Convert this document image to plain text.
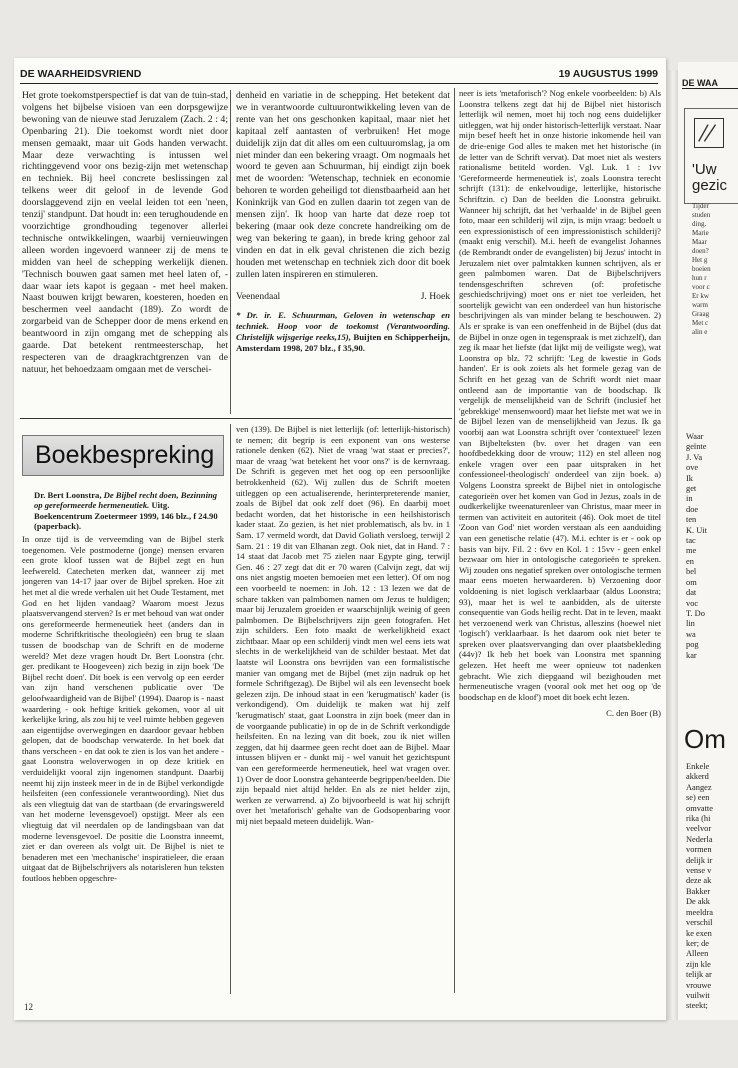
DE WAARHEIDSVRIEND	19 AUGUSTUS 1999

Het grote toekomstperspectief is dat van de tuin-stad, volgens het bijbelse visioen van een dorpsgewijze bewoning van de nieuwe stad Jeruzalem (Zach. 2 : 4; Openbaring 21). Die toekomst wordt niet door mensen gemaakt, maar uit Gods handen verwacht. Maar deze verwachting is intussen wel richtinggevend voor ons bezig-zijn met wetenschap en techniek. Bij heel concrete beslissingen zal telkens weer dit geloof in de levende God doorslaggevend zijn en veelal leiden tot een 'neen, tenzij' standpunt. Dat houdt in: een terughoudende en voorzichtige grondhouding tegenover allerlei technische ontwikkelingen, waarbij vernieuwingen alleen worden ingevoerd wanneer zij de mens te midden van heel de schepping werkelijk dienen. 'Technisch bouwen gaat samen met heel laten of, - daar waar iets kapot is gegaan - met heel maken. Naast bouwen krijgt bewaren, koesteren, hoeden en beschermen veel aandacht (189). Zo wordt de zorgarbeid van de Schepper door de mens erkend en beantwoord in zijn omgang met de schepping als gaarde. Dat betekent rentmeesterschap, het respecteren van de draagkrachtgrenzen van de natuur, het behoedzaam omgaan met de verschei-

denheid en variatie in de schepping. Het betekent dat we in verantwoorde cultuurontwikkeling leven van de rente van het ons geschonken kapitaal, maar niet het kapitaal zelf aantasten of verbruiken! Het moge duidelijk zijn dat dit alles om een cultuuromslag, ja om niet minder dan een bekering vraagt. Om nogmaals het woord te geven aan Schuurman, hij eindigt zijn boek met de woorden: 'Wetenschap, techniek en economie behoren te worden geheiligd tot dienstbaarheid aan het Koninkrijk van God en zullen daarin tot zegen van de mensen zijn'. Ik hoop van harte dat deze roep tot bekering (maar ook deze concrete handreiking om de weg van bekering te gaan), in brede kring gehoor zal vinden en dat in elk geval christenen die zich bezig houden met wetenschap en techniek zich door dit boek zullen laten inspireren en stimuleren.

Veenendaal	J. Hoek

* Dr. ir. E. Schuurman, Geloven in wetenschap en techniek. Hoop voor de toekomst (Verantwoording. Christelijk wijsgerige reeks,15), Buijten en Schipperheijn, Amsterdam 1998, 207 blz., f 35,90.

Boekbespreking
Dr. Bert Loonstra, De Bijbel recht doen, Bezinning op gereformeerde hermeneutiek. Uitg. Boekencentrum Zoetermeer 1999, 146 blz., f 24.90 (paperback).

In onze tijd is de verveemding van de Bijbel sterk toegenomen. Vele postmoderne (jonge) mensen ervaren een grote kloof tussen wat de Bijbel zegt en hun leefwereld. Catecheten merken dat, wanneer zij met jongeren van 14-17 jaar over de Bijbel spreken. Hoe zit het met al die wrede verhalen uit het Oude Testament, met God en het lijden vandaag? Waarom moest Jezus plaatsvervangend sterven? Is er met behoud van wat onder ons gereformeerde hermeneutiek heet (anders dan in moderne Schriftkritische theologieën) een brug te slaan tussen de boodschap van de Schrift en de moderne wereld? Met deze vragen houdt Dr. Bert Loonstra (chr. ger. predikant te Hoogeveen) zich bezig in zijn boek 'De Bijbel recht doen'. Dit boek is een vervolg op een eerder van zijn hand verschenen publicatie over 'De geloofwaardigheid van de Bijbel' (1994). Daarop is - naast waardering - ook heftige kritiek gekomen, voor al uit kerkelijke kring, als zou hij te veel ruimte hebben gegeven aan eigentijdse overwegingen en daardoor gevaar hebben gelopen, dat de boodschap verwaterde. In het boek dat thans verscheen - en dat ook te zien is los van het andere - gaat Loonstra weloverwogen in op deze kritiek en verduidelijkt vooral zijn ingenomen standpunt. Daarbij neemt hij zijn insteek meer in de in de Bijbel verkondigde heilsfeiten (een confessionele verantwoording). Niet dus als een vliegtuig dat van de startbaan (de ervaringswereld van het moderne levensgevoel) opstijgt. Meer als een vliegtuig dat vil neerdalen op de landingsbaan van dat moderne levensgevoel. De positie die Loonstra inneemt, ziet er dan overeen als volgt uit. De Bijbel is niet te benaderen met een 'mechanische' inspiratieleer, die eraan uitgaat dat de Bijbelschrijvers als notarisleren hun teksten foutloos hebben opgeschre-

ven (139). De Bijbel is niet letterlijk (of: letterlijk-historisch) te nemen; dit begrip is een exponent van ons westerse rationele denken (62). Niet de vraag 'wat staat er precies?', maar de vraag 'wat betekent het voor ons?' is de kernvraag. De Schrift is gegeven met het oog op een persoonlijke betrokkenheid (62). Wij zullen dus de Schrift moeten uitleggen op een actualiserende, herinterpreterende manier, zoals de Bijbel dat ook zelf doet (96). En daarbij moet bedacht worden, dat het historische in een heilshistorisch kader staat. Zo gezien, is het niet problematisch, als bv. in 1 Sam. 17 vermeld wordt, dat David Goliath versloeg, terwijl 2 Sam. 21 : 19 dit van Elhanan zegt. Ook niet, dat in Hand. 7 : 14 staat dat Jacob met 75 zielen naar Egypte ging, terwijl Gen. 46 : 27 zegt dat dit er 70 waren (Calvijn zegt, dat wij ons niet angstig moeten bemoeien met een letter). Of om nog een voorbeeld te noemen: in Joh. 12 : 13 lezen we dat de schare takken van palmbomen namen om Jezus te huldigen; maar bij Jeruzalem groeiden er waarschijnlijk weinig of geen palmbomen. De Bijbelschrijvers zijn geen fotografen. Het zijn schilders. Een foto maakt de werkelijkheid exact zichtbaar. Maar op een schilderij vindt men wel eens iets wat slechts in de werkelijkheid van de schilder bestaat. Met dat laatste wil Loonstra ons bevrijden van een formalistische manier van omgang met de Bijbel (met zijn nadruk op het formele Schriftgezag). De Bijbel wil als een levensecht boek gelezen zijn. De inhoud staat in een 'kerugmatisch' kader (is verkondigend). Om duidelijk te maken wat hij zelf 'kerugmatisch' staat, gaat Loonstra in zijn boek (meer dan in de voorgaande publicatie) in op de in de Schrift verkondigde heilsfeiten. En na lezing van dit boek, zou ik niet willen zeggen, dat hij daarmee geen recht doet aan de Bijbel. Maar intussen blijven er - dunkt mij - wel vanuit het gezichtspunt van een gereformeerde hermeneutiek, heel wat vragen over. 1) Over de door Loonstra gehanteerde begrippen/beelden. Die zijn bepaald niet altijd helder. En als ze niet helder zijn, werken ze verwarrend. a) Zo bijvoorbeeld is wat hij schrijft over het 'metaforisch' gehalte van de Godsopenbaring voor mij niet bepaald meteen duidelijk. Wan-

neer is iets 'metaforisch'? Nog enkele voorbeelden: b) Als Loonstra telkens zegt dat hij de Bijbel niet historisch letterlijk wil nemen, moet hij toch nog eens duidelijker uitleggen, wat hij onder historisch-letterlijk verstaat. Naar mijn besef heeft het in onze historie inkomende heil van de drie-enige God alles te maken met het historische (in de letter van de Schrift vervat). Dat moet niet als westers rationalisme betiteld worden. Vgl. Luk. 1 : 1vv 'Gereformeerde hermeneutiek is', zoals Loonstra terecht schrijft (131): de enkelvoudige, letterlijke, historische Schriftzin. c) Dan de beelden die Loonstra gebruikt. Wanneer hij schrijft, dat het 'verhaalde' in de Bijbel geen foto, maar een schilderij wil zijn, is mijn vraag: bedoelt u een expressionistisch of een impressionistisch schilderij? (maakt enig verschil). M.i. heeft de evangelist Johannes (de Rembrandt onder de evangelisten) bij Jezus' intocht in Jeruzalem niet over palmtakken kunnen schrijven, als er geen palmbomen waren. Dat de Bijbelschrijvers tendensgeschriften schreven (of: profetische geschiedschrijving) moet ons er niet toe verleiden, het soortelijk gewicht van een onderdeel van hun historische beschrijvingen als van minder belang te beschouwen. 2) Als er sprake is van een oneffenheid in de Bijbel (dus dat de Bijbel in onze ogen in tegenspraak is met zichzelf), dan zeg ik maar het liefste (dat lijkt mij de veiligste weg), wat Loonstra op blz. 72 schrijft: 'Leg de kwestie in Gods handen'. Er is ook zoiets als het formele gezag van de Schrift en het gezag van de Schrift wordt niet maar ontleend aan de importantie van de boodschap. Ik vergelijk de menselijkheid van de Schrift (inclusief het 'gebrekkige' mensenwoord) maar het liefste met wat we in de Bijbel lezen van de menselijkheid van Jezus. Ik ga voorbij aan wat Loonstra schrijft over 'contextueel' lezen van Bijbelteksten (bv. over het dragen van een hoofdbedekking door de vrouw; 112) en stel alleen nog enkele vragen over een paar uitspraken in het confessioneel-theologisch' onderdeel van zijn boek. a) Volgens Loonstra spreekt de Bijbel niet in ontologische categorieën over het komen van God in Jezus, zoals in de oudkerkelijke tweenaturenleer van Christus, maar meer in termen van activiteit en autoriteit (46). Ook moet de titel 'Zoon van God' niet worden verstaan als een aanduiding van een genetische relatie (47). M.i. echter is er - ook op basis van bijv. Fil. 2 : 6vv en Kol. 1 : 15vv - geen enkel bezwaar om hier in ontologische categorieën te spreken. Wij zouden ons negatief spreken over ontologische termen maar eens moeten herwaarderen. b) Verzoening door voldoening is niet logisch verklaarbaar (aldus Loonstra; 93), maar het is wel te aanbidden, als de uiterste consequentie van Gods heilig recht. Dat in te leven, maakt het verzoenend werk van Christus, alleszins (hoewel niet 'logisch') verklaarbaar. Is het daarom ook niet beter te spreken over plaatsvervanging dan over plaatsbekleding (44v)? Ik heb het boek van Loonstra met spanning gelezen. Het heeft me weer opnieuw tot nadenken gebracht. Wie zich diepgaand wil bezighouden met hermeneutische vragen (vooral ook met het oog op 'de boodschap en de kloof') moet dit boek echt lezen.

C. den Boer (B)

12
DE WAA
'Uw
gezic
Tijder
studen
ding.
Marie
Maar
doen?
Het g
boeien
hun r
voor c
Er kw
warm
Graag
Met c
alin e
Waar
geïnte
J. Va
ove
Ik
get
in
doe
ten
K. Uit
tac
me
en
bel
om
dat
voc
T. Do
lin
wa
pog
kar
Om
Enkele
akkerd
Aangez
se) een
omvatte
rika (hi
veelvor
Nederla
vormen
delijk ir
vense v
deze ak
Bakker
De akk
meeldra
verschil
ke exen
ker; de
Alleen
zijn kle
telijk ar
vrouwe
vuilwit
steekt;
